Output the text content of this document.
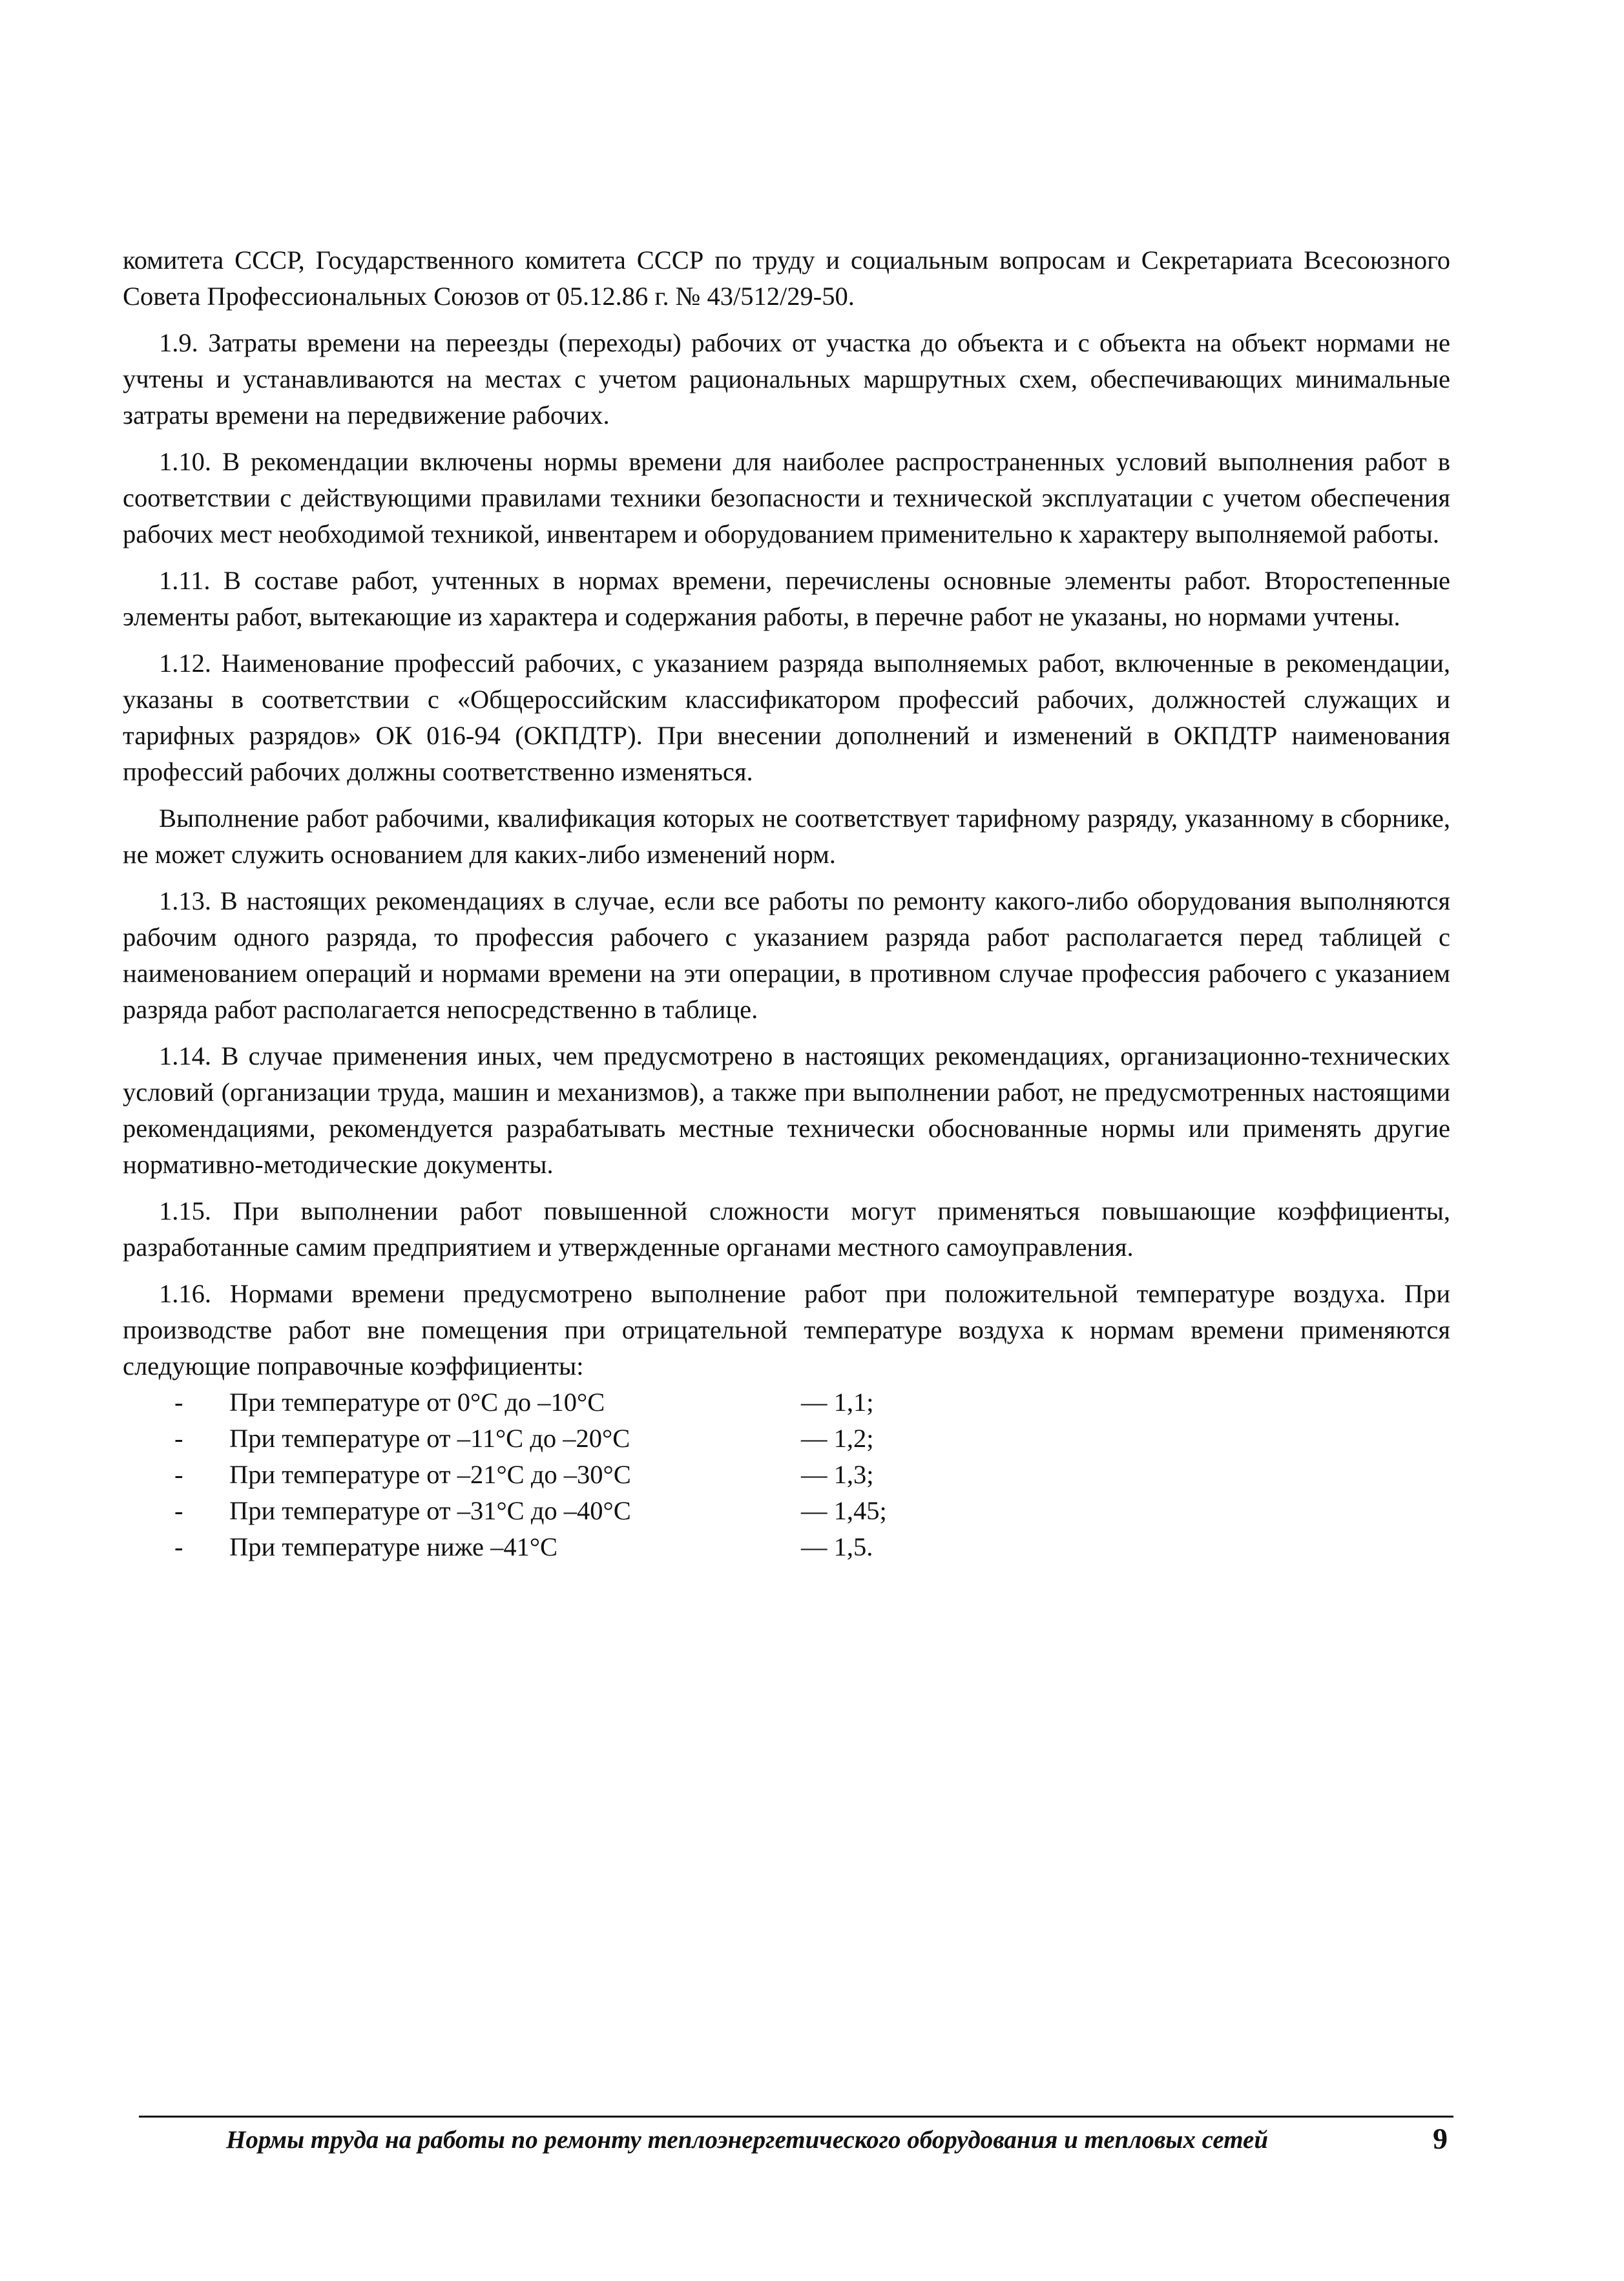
комитета СССР, Государственного комитета СССР по труду и социальным вопросам и Секретариата Всесоюзного Совета Профессиональных Союзов от 05.12.86 г. № 43/512/29-50.

1.9. Затраты времени на переезды (переходы) рабочих от участка до объекта и с объекта на объект нормами не учтены и устанавливаются на местах с учетом рациональных маршрутных схем, обеспечивающих минимальные затраты времени на передвижение рабочих.

1.10. В рекомендации включены нормы времени для наиболее распространенных условий выполнения работ в соответствии с действующими правилами техники безопасности и технической эксплуатации с учетом обеспечения рабочих мест необходимой техникой, инвентарем и оборудованием применительно к характеру выполняемой работы.

1.11. В составе работ, учтенных в нормах времени, перечислены основные элементы работ. Второстепенные элементы работ, вытекающие из характера и содержания работы, в перечне работ не указаны, но нормами учтены.

1.12. Наименование профессий рабочих, с указанием разряда выполняемых работ, включенные в рекомендации, указаны в соответствии с «Общероссийским классификатором профессий рабочих, должностей служащих и тарифных разрядов» ОК 016-94 (ОКПДТР). При внесении дополнений и изменений в ОКПДТР наименования профессий рабочих должны соответственно изменяться.

Выполнение работ рабочими, квалификация которых не соответствует тарифному разряду, указанному в сборнике, не может служить основанием для каких-либо изменений норм.

1.13. В настоящих рекомендациях в случае, если все работы по ремонту какого-либо оборудования выполняются рабочим одного разряда, то профессия рабочего с указанием разряда работ располагается перед таблицей с наименованием операций и нормами времени на эти операции, в противном случае профессия рабочего с указанием разряда работ располагается непосредственно в таблице.

1.14. В случае применения иных, чем предусмотрено в настоящих рекомендациях, организационно-технических условий (организации труда, машин и механизмов), а также при выполнении работ, не предусмотренных настоящими рекомендациями, рекомендуется разрабатывать местные технически обоснованные нормы или применять другие нормативно-методические документы.

1.15. При выполнении работ повышенной сложности могут применяться повышающие коэффициенты, разработанные самим предприятием и утвержденные органами местного самоуправления.

1.16. Нормами времени предусмотрено выполнение работ при положительной температуре воздуха. При производстве работ вне помещения при отрицательной температуре воздуха к нормам времени применяются следующие поправочные коэффициенты:

-	При температуре от 0°С до –10°С	— 1,1;
-	При температуре от –11°С до –20°С	— 1,2;
-	При температуре от –21°С до –30°С	— 1,3;
-	При температуре от –31°С до –40°С	— 1,45;
-	При температуре ниже –41°С	— 1,5.
Нормы труда на работы по ремонту теплоэнергетического оборудования и тепловых сетей	9
